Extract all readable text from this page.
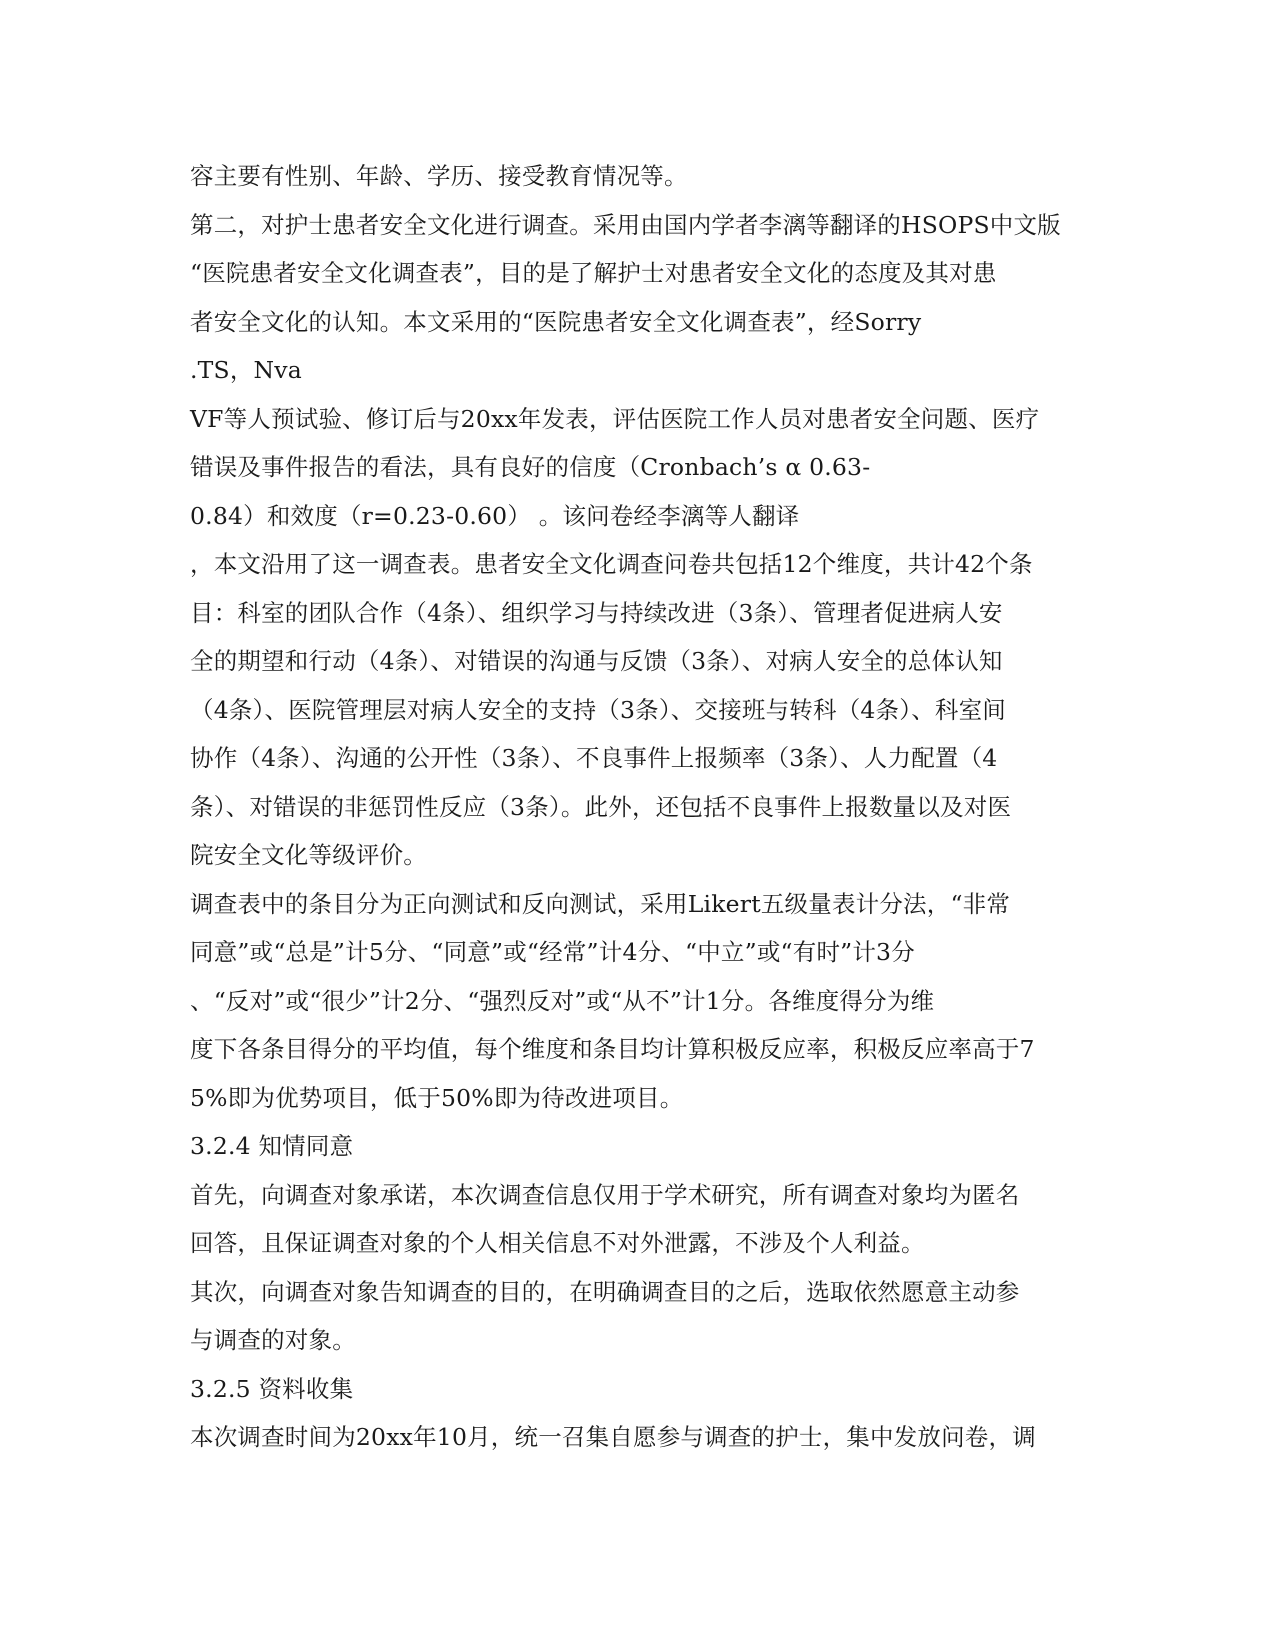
容主要有性别、年龄、学历、接受教育情况等。
第二，对护士患者安全文化进行调查。采用由国内学者李漓等翻译的HSOPS中文版
“医院患者安全文化调查表”，目的是了解护士对患者安全文化的态度及其对患
者安全文化的认知。本文采用的“医院患者安全文化调查表”，经Sorry
.TS，Nva
VF等人预试验、修订后与20xx年发表，评估医院工作人员对患者安全问题、医疗
错误及事件报告的看法，具有良好的信度（Cronbach’s α 0.63-
0.84）和效度（r=0.23-0.60） 。该问卷经李漓等人翻译
，本文沿用了这一调查表。患者安全文化调查问卷共包括12个维度，共计42个条
目：科室的团队合作（4条）、组织学习与持续改进（3条）、管理者促进病人安
全的期望和行动（4条）、对错误的沟通与反馈（3条）、对病人安全的总体认知
（4条）、医院管理层对病人安全的支持（3条）、交接班与转科（4条）、科室间
协作（4条）、沟通的公开性（3条）、不良事件上报频率（3条）、人力配置（4
条）、对错误的非惩罚性反应（3条）。此外，还包括不良事件上报数量以及对医
院安全文化等级评价。
调查表中的条目分为正向测试和反向测试，采用Likert五级量表计分法，“非常
同意”或“总是”计5分、“同意”或“经常”计4分、“中立”或“有时”计3分
、“反对”或“很少”计2分、“强烈反对”或“从不”计1分。各维度得分为维
度下各条目得分的平均值，每个维度和条目均计算积极反应率，积极反应率高于7
5%即为优势项目，低于50%即为待改进项目。
3.2.4 知情同意
首先，向调查对象承诺，本次调查信息仅用于学术研究，所有调查对象均为匿名
回答，且保证调查对象的个人相关信息不对外泄露，不涉及个人利益。
其次，向调查对象告知调查的目的，在明确调查目的之后，选取依然愿意主动参
与调查的对象。
3.2.5 资料收集
本次调查时间为20xx年10月，统一召集自愿参与调查的护士，集中发放问卷，调
